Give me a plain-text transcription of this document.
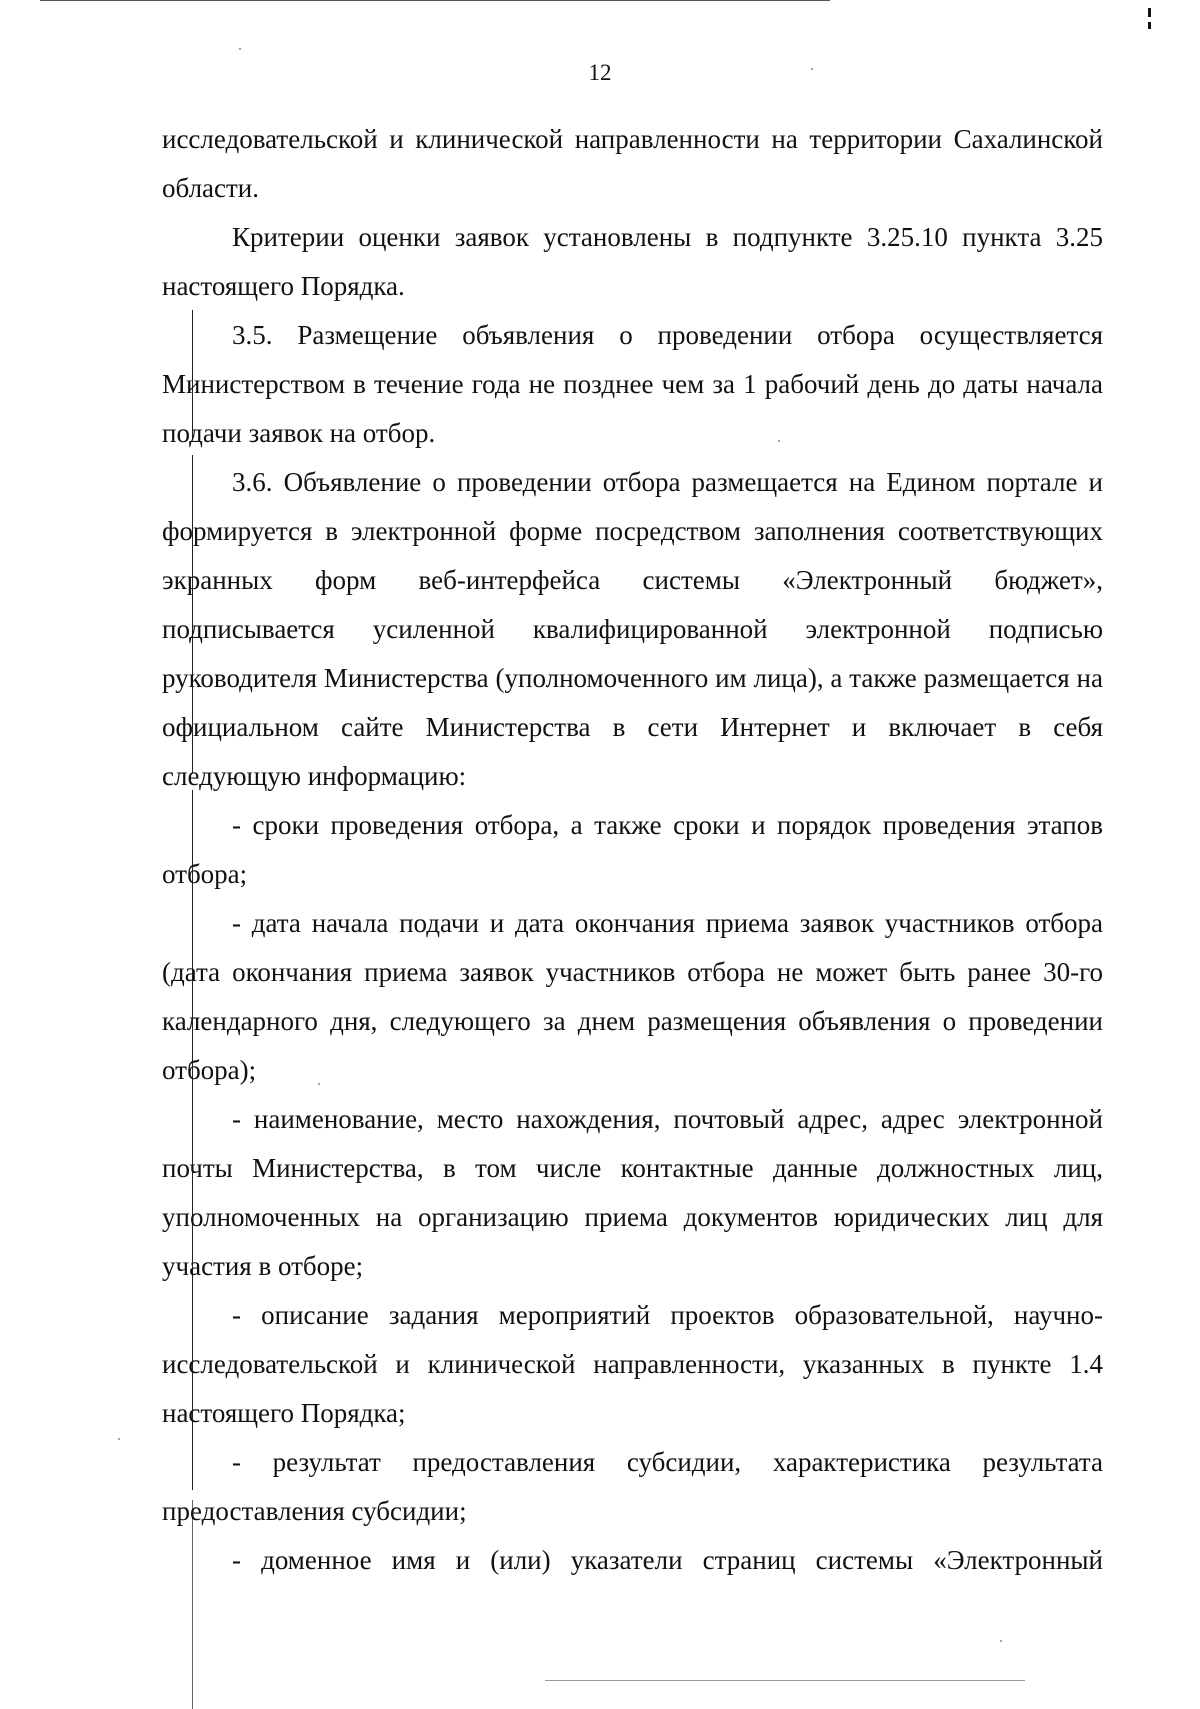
12

исследовательской и клинической направленности на территории Сахалинской области.

Критерии оценки заявок установлены в подпункте 3.25.10 пункта 3.25 настоящего Порядка.

3.5. Размещение объявления о проведении отбора осуществляется Министерством в течение года не позднее чем за 1 рабочий день до даты начала подачи заявок на отбор.

3.6. Объявление о проведении отбора размещается на Едином портале и формируется в электронной форме посредством заполнения соответствующих экранных форм веб-интерфейса системы «Электронный бюджет», подписывается усиленной квалифицированной электронной подписью руководителя Министерства (уполномоченного им лица), а также размещается на официальном сайте Министерства в сети Интернет и включает в себя следующую информацию:

- сроки проведения отбора, а также сроки и порядок проведения этапов отбора;

- дата начала подачи и дата окончания приема заявок участников отбора (дата окончания приема заявок участников отбора не может быть ранее 30-го календарного дня, следующего за днем размещения объявления о проведении отбора);

- наименование, место нахождения, почтовый адрес, адрес электронной почты Министерства, в том числе контактные данные должностных лиц, уполномоченных на организацию приема документов юридических лиц для участия в отборе;

- описание задания мероприятий проектов образовательной, научно-исследовательской и клинической направленности, указанных в пункте 1.4 настоящего Порядка;

- результат предоставления субсидии, характеристика результата предоставления субсидии;

- доменное имя и (или) указатели страниц системы «Электронный
